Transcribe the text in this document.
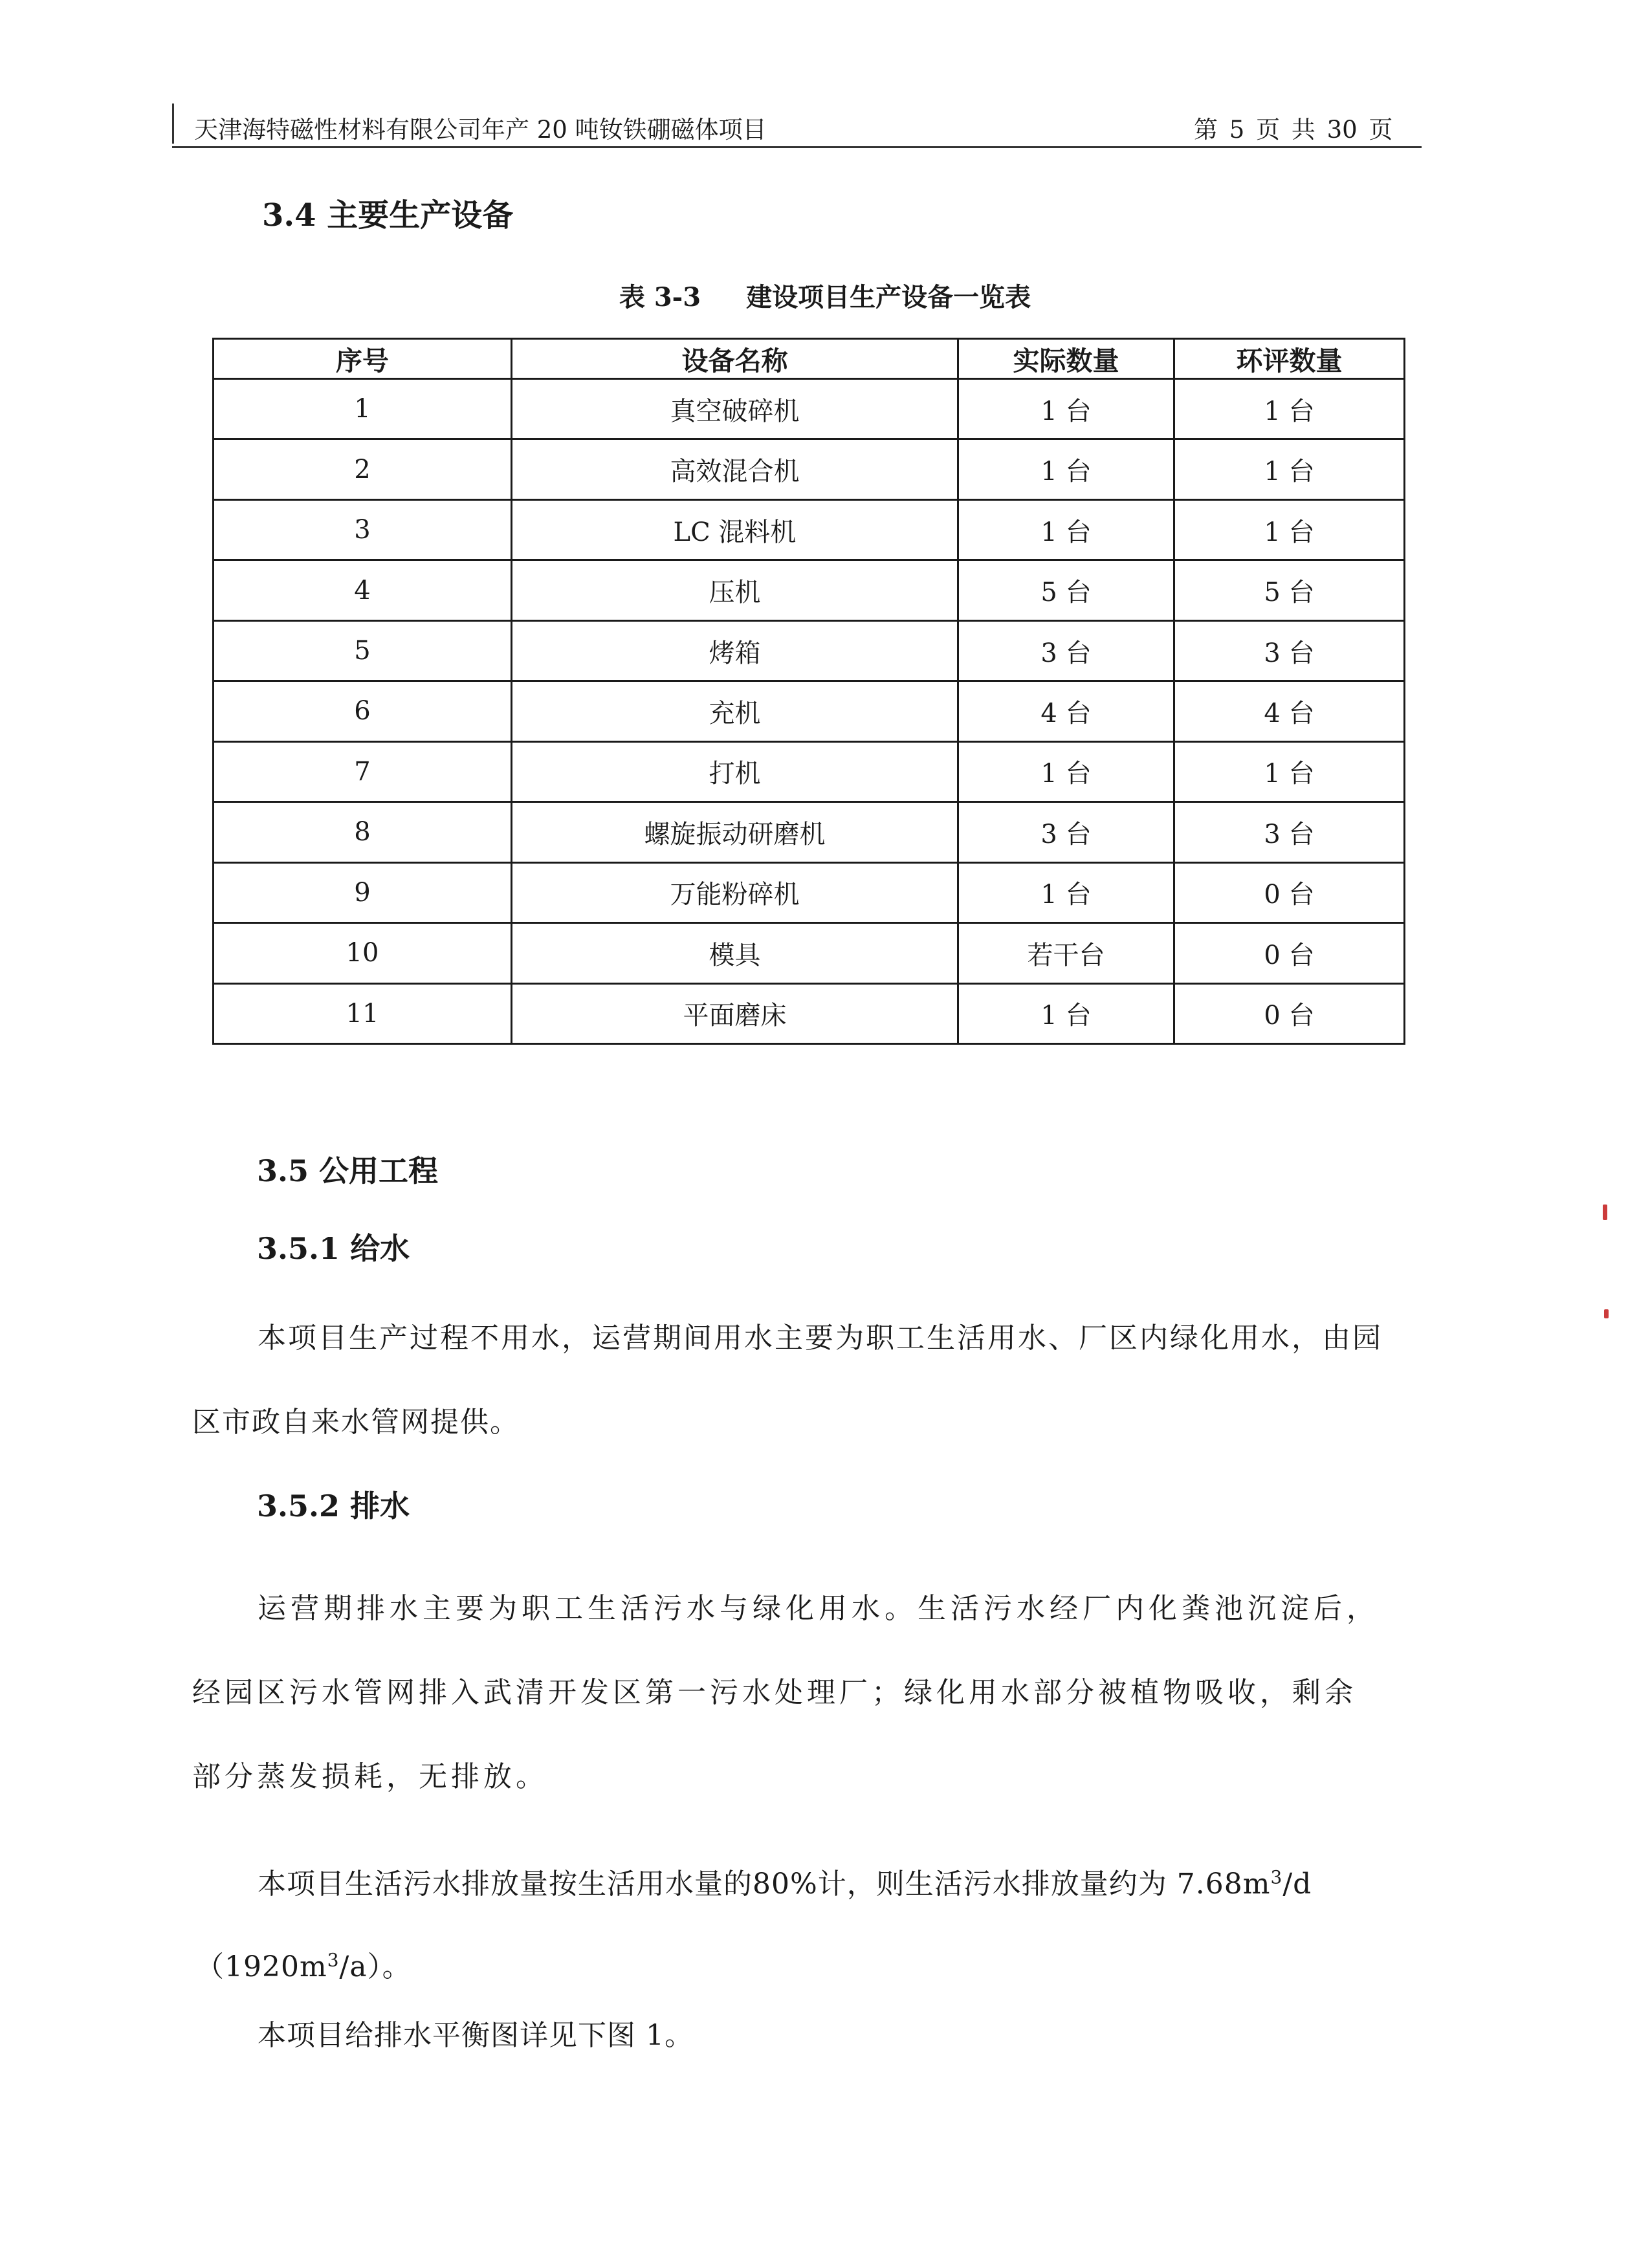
天津海特磁性材料有限公司年产 20 吨钕铁硼磁体项目	第 5 页 共 30 页
3.4 主要生产设备
表 3-3 建设项目生产设备一览表
序号	设备名称	实际数量	环评数量
1	真空破碎机	1 台	1 台
2	高效混合机	1 台	1 台
3	LC 混料机	1 台	1 台
4	压机	5 台	5 台
5	烤箱	3 台	3 台
6	充机	4 台	4 台
7	打机	1 台	1 台
8	螺旋振动研磨机	3 台	3 台
9	万能粉碎机	1 台	0 台
10	模具	若干台	0 台
11	平面磨床	1 台	0 台
3.5 公用工程
3.5.1 给水

本项目生产过程不用水，运营期间用水主要为职工生活用水、厂区内绿化用水，由园

区市政自来水管网提供。

3.5.2 排水

运营期排水主要为职工生活污水与绿化用水。生活污水经厂内化粪池沉淀后，

经园区污水管网排入武清开发区第一污水处理厂；绿化用水部分被植物吸收，剩余

部分蒸发损耗，无排放。

本项目生活污水排放量按生活用水量的80%计，则生活污水排放量约为 $7.68m^3/d$

$(1920m^3/a)$。

本项目给排水平衡图详见下图 1。
